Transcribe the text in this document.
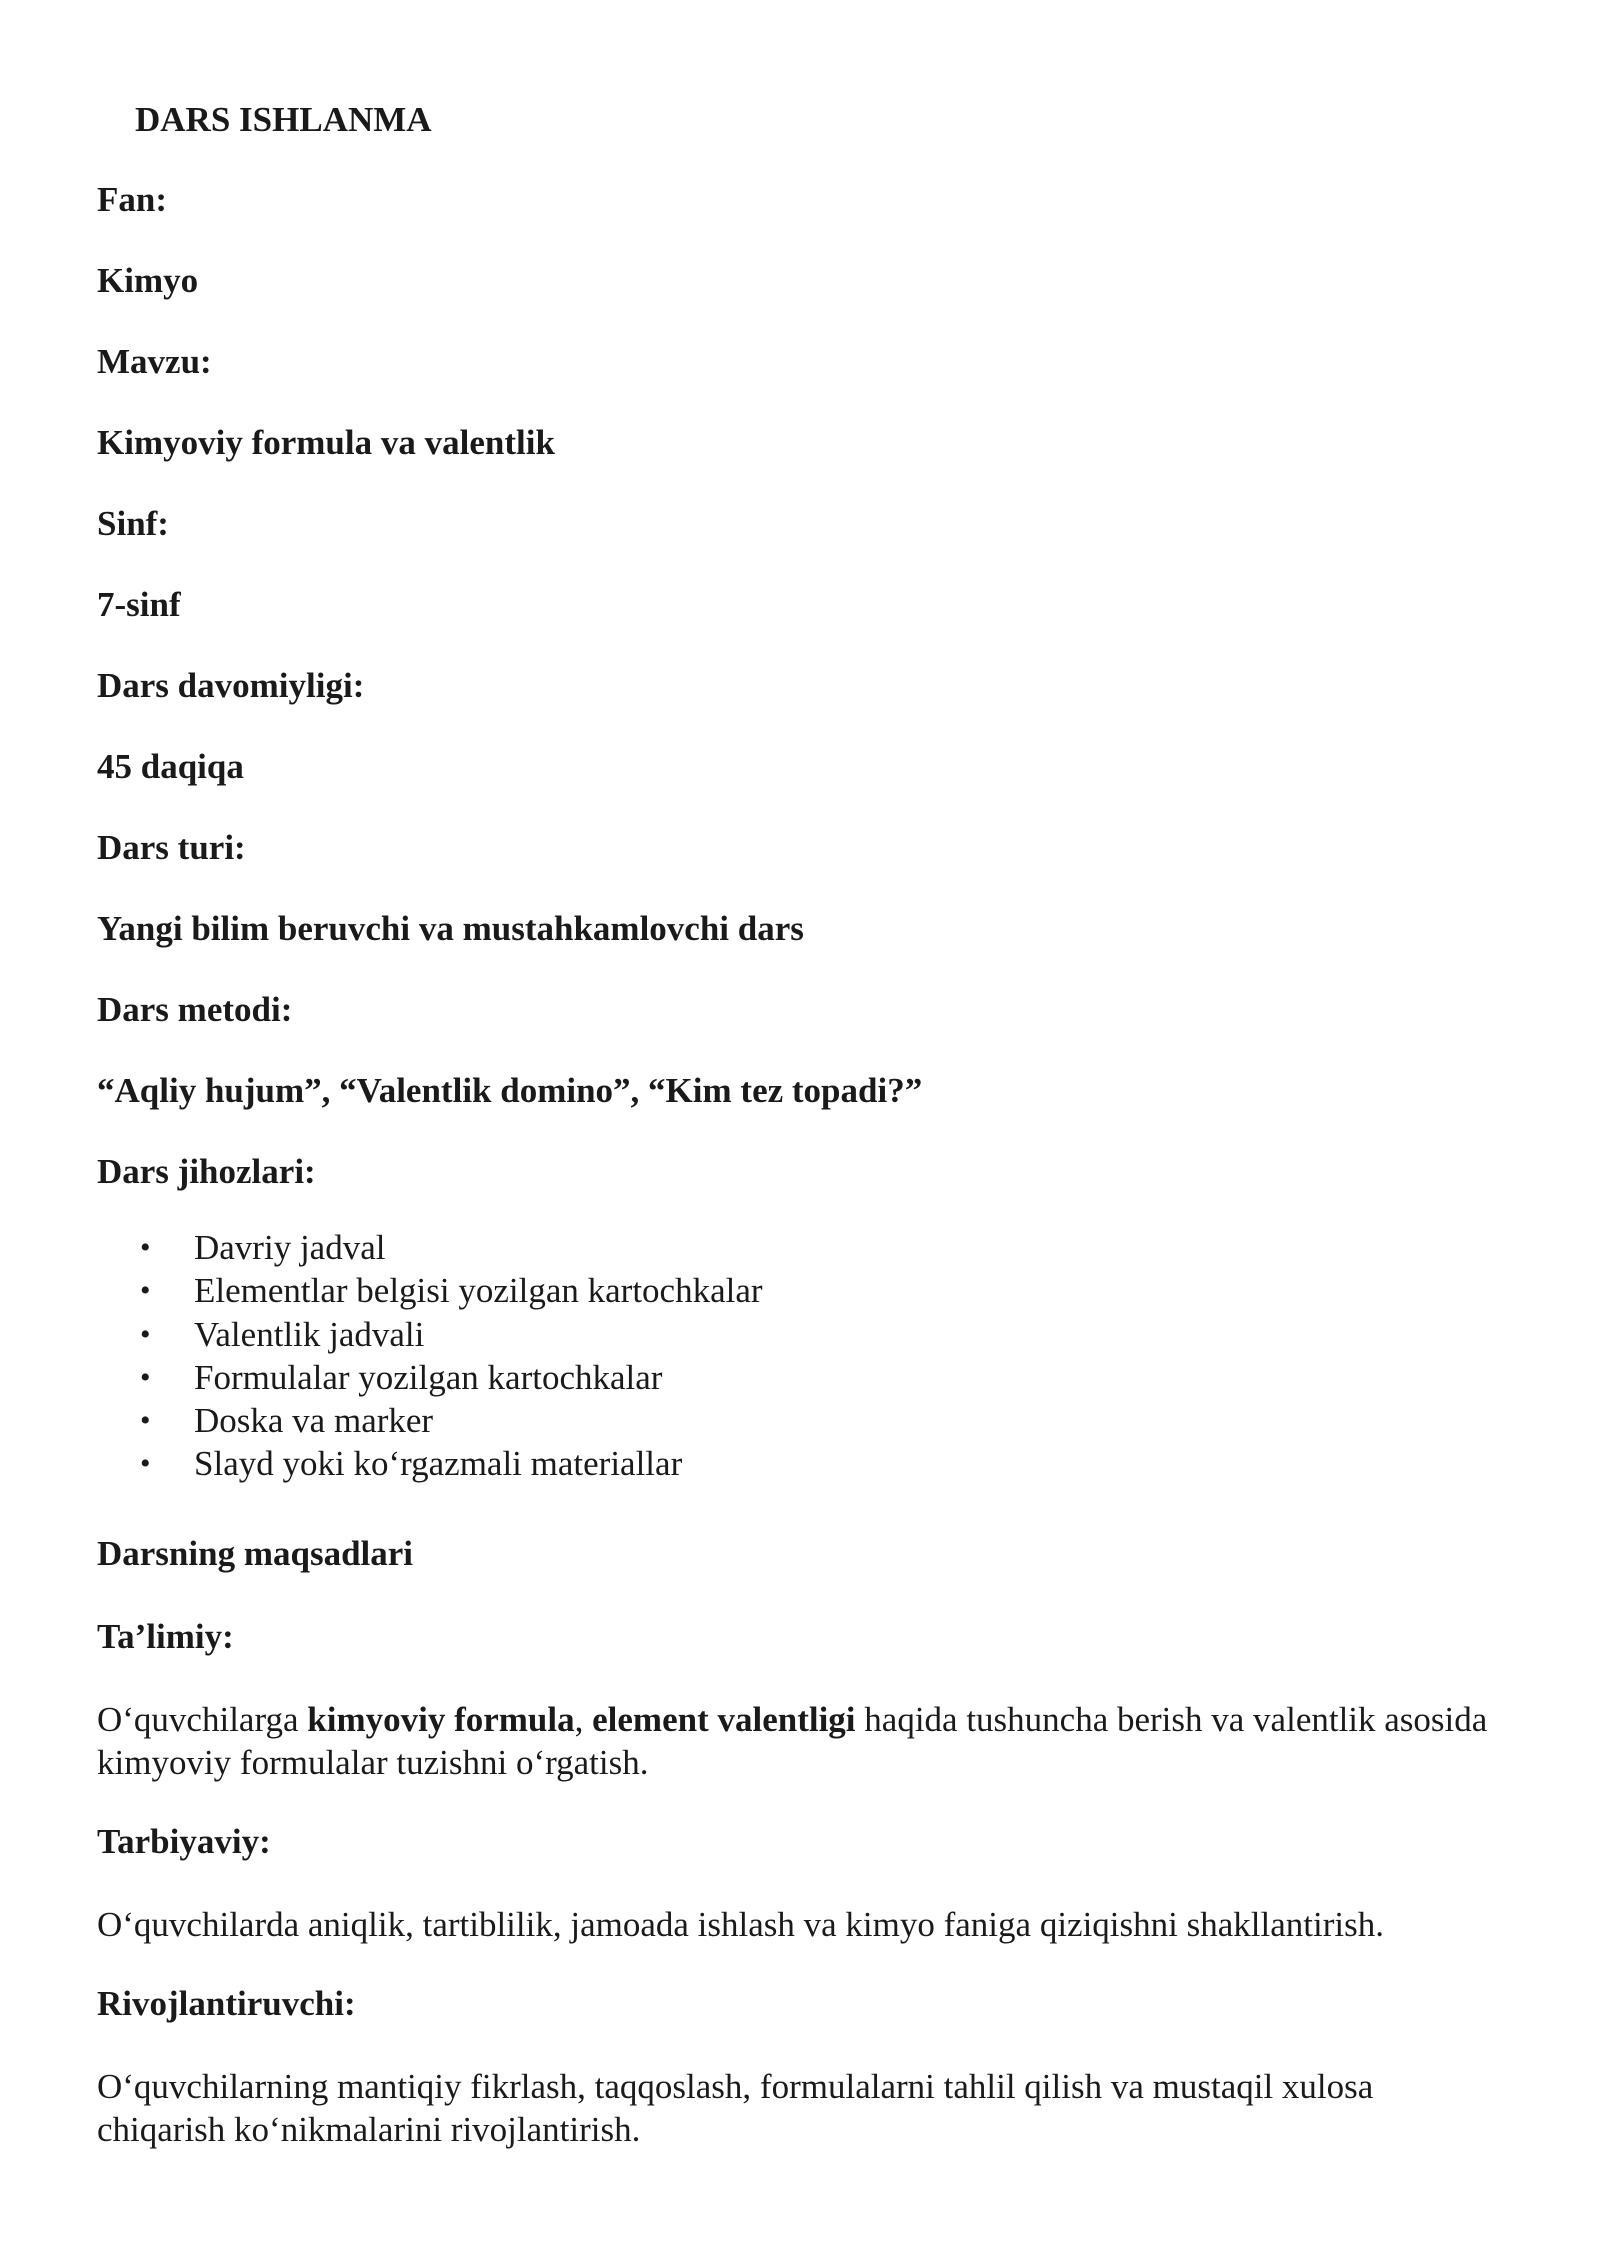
DARS ISHLANMA
Fan:
Kimyo
Mavzu:
Kimyoviy formula va valentlik
Sinf:
7-sinf
Dars davomiyligi:
45 daqiqa
Dars turi:
Yangi bilim beruvchi va mustahkamlovchi dars
Dars metodi:
“Aqliy hujum”, “Valentlik domino”, “Kim tez topadi?”
Dars jihozlari:
• Davriy jadval
• Elementlar belgisi yozilgan kartochkalar
• Valentlik jadvali
• Formulalar yozilgan kartochkalar
• Doska va marker
• Slayd yoki ko‘rgazmali materiallar
Darsning maqsadlari
Ta’limiy:
O‘quvchilarga kimyoviy formula, element valentligi haqida tushuncha berish va valentlik asosida kimyoviy formulalar tuzishni o‘rgatish.
Tarbiyaviy:
O‘quvchilarda aniqlik, tartiblilik, jamoada ishlash va kimyo faniga qiziqishni shakllantirish.
Rivojlantiruvchi:
O‘quvchilarning mantiqiy fikrlash, taqqoslash, formulalarni tahlil qilish va mustaqil xulosa chiqarish ko‘nikmalarini rivojlantirish.
